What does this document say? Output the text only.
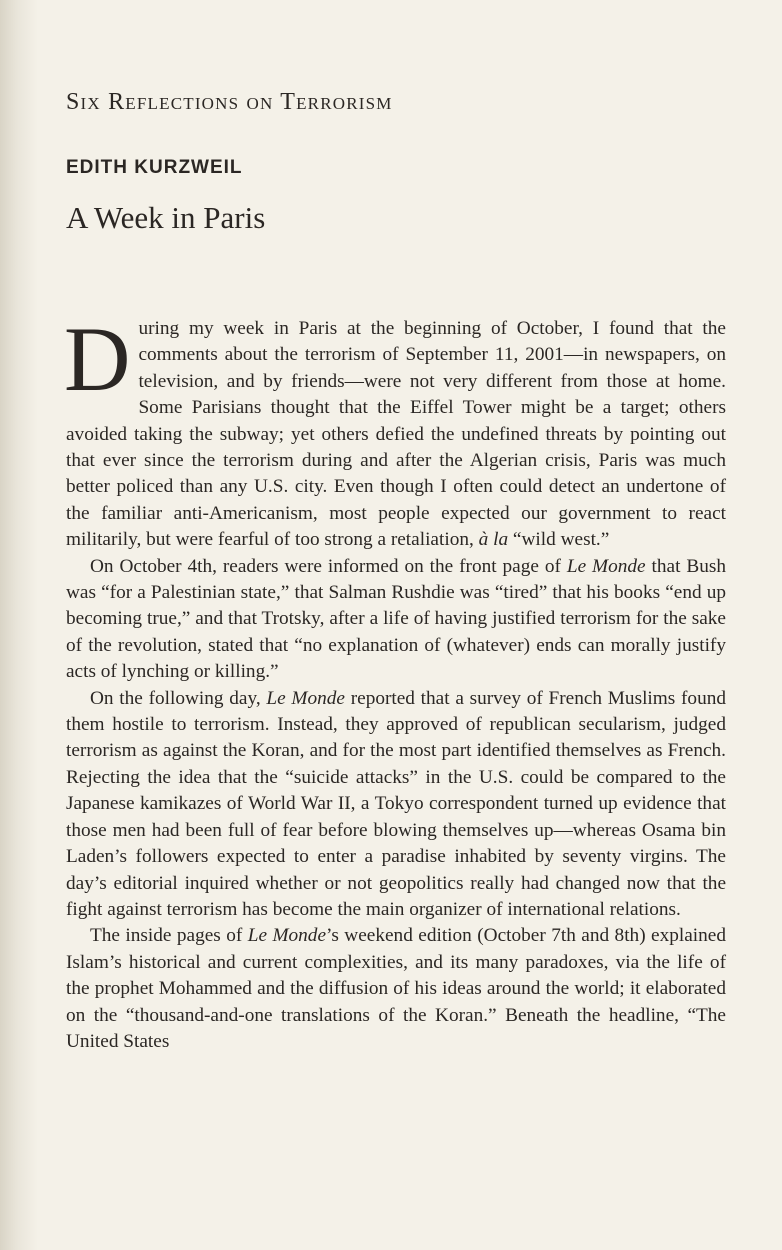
Six Reflections on Terrorism
EDITH KURZWEIL
A Week in Paris

During my week in Paris at the beginning of October, I found that the comments about the terrorism of September 11, 2001—in newspapers, on television, and by friends—were not very different from those at home. Some Parisians thought that the Eiffel Tower might be a target; others avoided taking the subway; yet others defied the undefined threats by pointing out that ever since the terrorism during and after the Algerian crisis, Paris was much better policed than any U.S. city. Even though I often could detect an undertone of the familiar anti-Americanism, most people expected our government to react militarily, but were fearful of too strong a retaliation, à la “wild west.”

On October 4th, readers were informed on the front page of Le Monde that Bush was “for a Palestinian state,” that Salman Rushdie was “tired” that his books “end up becoming true,” and that Trotsky, after a life of having justified terrorism for the sake of the revolution, stated that “no explanation of (whatever) ends can morally justify acts of lynching or killing.”

On the following day, Le Monde reported that a survey of French Muslims found them hostile to terrorism. Instead, they approved of republican secularism, judged terrorism as against the Koran, and for the most part identified themselves as French. Rejecting the idea that the “suicide attacks” in the U.S. could be compared to the Japanese kamikazes of World War II, a Tokyo correspondent turned up evidence that those men had been full of fear before blowing themselves up—whereas Osama bin Laden’s followers expected to enter a paradise inhabited by seventy virgins. The day’s editorial inquired whether or not geopolitics really had changed now that the fight against terrorism has become the main organizer of international relations.

The inside pages of Le Monde’s weekend edition (October 7th and 8th) explained Islam’s historical and current complexities, and its many paradoxes, via the life of the prophet Mohammed and the diffusion of his ideas around the world; it elaborated on the “thousand-and-one translations of the Koran.” Beneath the headline, “The United States
